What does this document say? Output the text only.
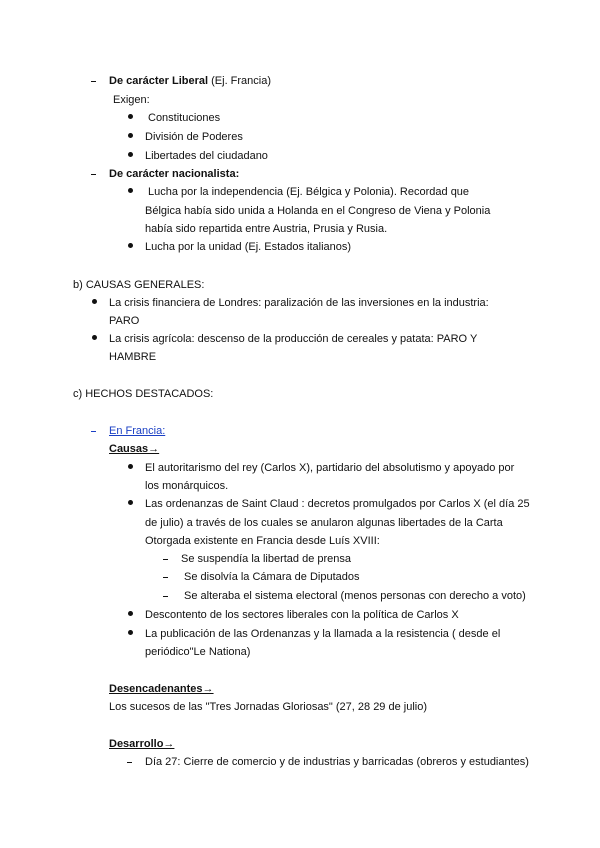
De carácter Liberal (Ej. Francia)
Exigen:
Constituciones
División de Poderes
Libertades del ciudadano
De carácter nacionalista:
Lucha por la independencia (Ej. Bélgica y Polonia). Recordad que
Bélgica había sido unida a Holanda en el Congreso de Viena y Polonia
había sido repartida entre Austria, Prusia y Rusia.
Lucha por la unidad (Ej. Estados italianos)
b) CAUSAS GENERALES:
La crisis financiera de Londres: paralización de las inversiones en la industria:
PARO
La crisis agrícola: descenso de la producción de cereales y patata: PARO Y
HAMBRE
c) HECHOS DESTACADOS:
En Francia:
Causas→
El autoritarismo del rey (Carlos X), partidario del absolutismo y apoyado por
los monárquicos.
Las ordenanzas de Saint Claud : decretos promulgados por Carlos X (el día 25
de julio) a través de los cuales se anularon algunas libertades de la Carta
Otorgada existente en Francia desde Luís XVIII:
Se suspendía la libertad de prensa
Se disolvía la Cámara de Diputados
Se alteraba el sistema electoral (menos personas con derecho a voto)
Descontento de los sectores liberales con la política de Carlos X
La publicación de las Ordenanzas y la llamada a la resistencia ( desde el
periódico"Le Nationa)
Desencadenantes→
Los sucesos de las "Tres Jornadas Gloriosas" (27, 28 29 de julio)
Desarrollo→
Día 27: Cierre de comercio y de industrias y barricadas (obreros y estudiantes)
